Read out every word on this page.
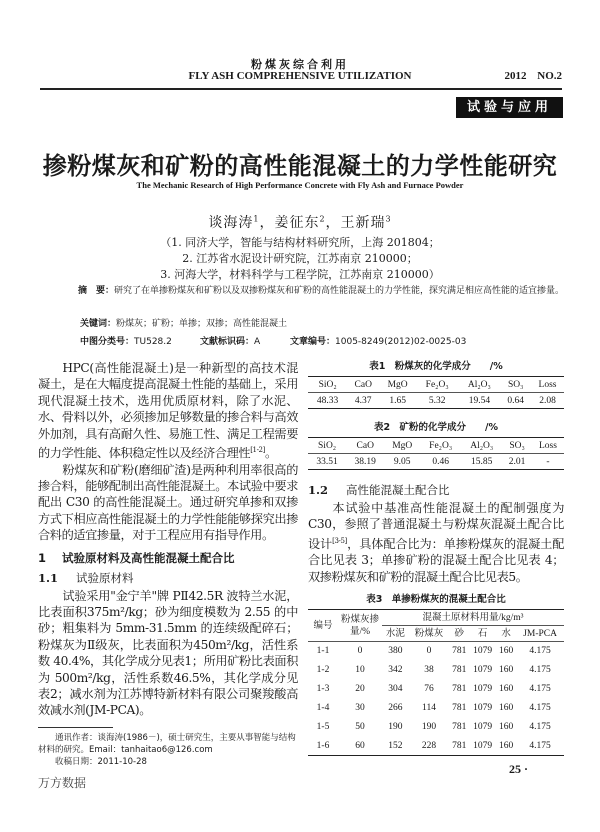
粉煤灰综合利用
FLY ASH COMPREHENSIVE UTILIZATION	2012 NO.2
试验与应用
掺粉煤灰和矿粉的高性能混凝土的力学性能研究
The Mechanic Research of High Performance Concrete with Fly Ash and Furnace Powder
谈海涛$^1$，姜征东$^2$，王新瑞$^3$
（1. 同济大学，智能与结构材料研究所，上海 201804；
2. 江苏省水泥设计研究院，江苏南京 210000；
3. 河海大学，材料科学与工程学院，江苏南京 210000）
摘　要：研究了在单掺粉煤灰和矿粉以及双掺粉煤灰和矿粉的高性能混凝土的力学性能，探究满足相应高性能的适宜掺量。
关键词：粉煤灰；矿粉；单掺；双掺；高性能混凝土
中图分类号：TU528.2	文献标识码：A	文章编号：1005-8249(2012)02-0025-03

HPC(高性能混凝土)是一种新型的高技术混凝土，是在大幅度提高混凝土性能的基础上，采用现代混凝土技术，选用优质原材料，除了水泥、水、骨料以外，必须掺加足够数量的掺合料与高效外加剂，具有高耐久性、易施工性、满足工程需要的力学性能、体积稳定性以及经济合理性[1-2]。

粉煤灰和矿粉(磨细矿渣)是两种利用率很高的掺合料，能够配制出高性能混凝土。本试验中要求配出 C30 的高性能混凝土。通过研究单掺和双掺方式下相应高性能混凝土的力学性能能够探究出掺合料的适宜掺量，对于工程应用有指导作用。

1 试验原材料及高性能混凝土配合比
1.1 试验原材料

试验采用"金宁羊"牌 PⅡ42.5R 波特兰水泥，比表面积375m²/kg；砂为细度模数为 2.55 的中砂；粗集料为 5mm-31.5mm 的连续级配碎石；粉煤灰为Ⅱ级灰，比表面积为450m²/kg，活性系数 40.4%，其化学成分见表1；所用矿粉比表面积为 500m²/kg，活性系数46.5%，其化学成分见表2；减水剂为江苏博特新材料有限公司聚羧酸高效减水剂(JM-PCA)。

通讯作者：谈海涛(1986－)，硕士研究生，主要从事智能与结构材料的研究。Email：tanhaitao6@126.com
收稿日期：2011-10-28
万方数据
表1　粉煤灰的化学成分　　/%
SiO₂	CaO	MgO	Fe₂O₃	Al₂O₃	SO₃	Loss
48.33	4.37	1.65	5.32	19.54	0.64	2.08
表2　矿粉的化学成分　　/%
SiO₂	CaO	MgO	Fe₂O₃	Al₂O₃	SO₃	Loss
33.51	38.19	9.05	0.46	15.85	2.01	-
1.2 高性能混凝土配合比

本试验中基准高性能混凝土的配制强度为 C30，参照了普通混凝土与粉煤灰混凝土配合比设计[3-5]，具体配合比为：单掺粉煤灰的混凝土配合比见表 3；单掺矿粉的混凝土配合比见表 4；双掺粉煤灰和矿粉的混凝土配合比见表5。

表3　单掺粉煤灰的混凝土配合比
编号	粉煤灰掺量/%	混凝土原材料用量/kg/m³					
		水泥	粉煤灰	砂	石	水	JM-PCA
1-1	0	380	0	781	1079	160	4.175
1-2	10	342	38	781	1079	160	4.175
1-3	20	304	76	781	1079	160	4.175
1-4	30	266	114	781	1079	160	4.175
1-5	50	190	190	781	1079	160	4.175
1-6	60	152	228	781	1079	160	4.175
25 ·
